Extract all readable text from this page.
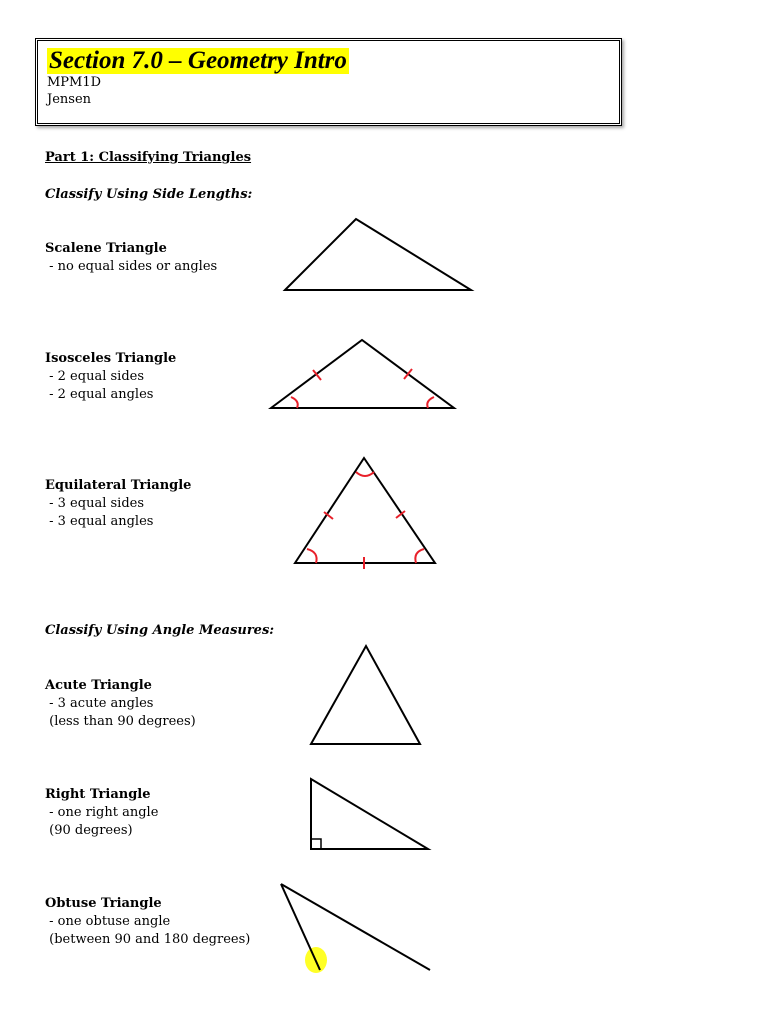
Section 7.0 – Geometry Intro

MPM1D

Jensen

Part 1: Classifying Triangles
Classify Using Side Lengths:
Scalene Triangle
- no equal sides or angles
Isosceles Triangle
- 2 equal sides
- 2 equal angles
Equilateral Triangle
- 3 equal sides
- 3 equal angles
Classify Using Angle Measures:
Acute Triangle
- 3 acute angles
(less than 90 degrees)
Right Triangle
- one right angle
(90 degrees)
Obtuse Triangle
- one obtuse angle
(between 90 and 180 degrees)
